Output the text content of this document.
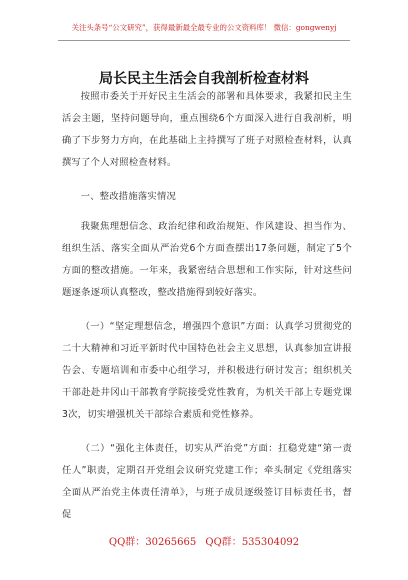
关注头条号“公文研究”，获得最新最全最专业的公文资料库！ 微信：gongwenyj
局长民主生活会自我剖析检查材料

按照市委关于开好民主生活会的部署和具体要求，我紧扣民主生活会主题，坚持问题导向，重点围绕6个方面深入进行自我剖析，明确了下步努力方向，在此基础上主持撰写了班子对照检查材料，认真撰写了个人对照检查材料。

一、整改措施落实情况

我聚焦理想信念、政治纪律和政治规矩、作风建设、担当作为、组织生活、落实全面从严治党6个方面查摆出17条问题，制定了5个方面的整改措施。一年来，我紧密结合思想和工作实际，针对这些问题逐条逐项认真整改，整改措施得到较好落实。

（一）“坚定理想信念，增强四个意识”方面：认真学习贯彻党的二十大精神和习近平新时代中国特色社会主义思想，认真参加宣讲报告会、专题培训和市委中心组学习，并积极进行研讨发言；组织机关干部赴赴井冈山干部教育学院接受党性教育，为机关干部上专题党课3次，切实增强机关干部综合素质和党性修养。

（二）“强化主体责任，切实从严治党”方面：扛稳党建“第一责任人”职责，定期召开党组会议研究党建工作；牵头制定《党组落实全面从严治党主体责任清单》，与班子成员逐级签订目标责任书，督促

QQ群：30265665 QQ群：535304092
